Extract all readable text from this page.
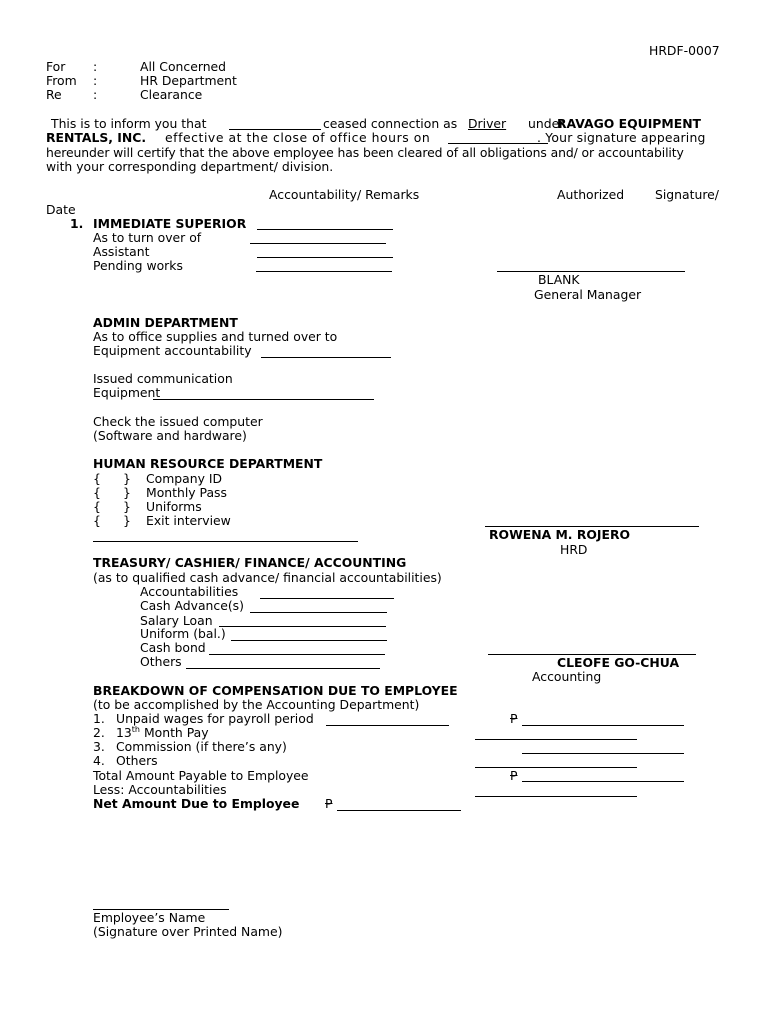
HRDF-0007
For :	All Concerned
From :	HR Department
Re	:	Clearance
This is to inform you that	ceased connection as Driver under
RAVAGO EQUIPMENT
RENTALS, INC. effective at the close of office hours on	. Your signature appearing
hereunder will certify that the above employee has been cleared of all obligations and/ or accountability
with your corresponding department/ division.
Accountability/ Remarks	Authorized Signature/
Date
1. IMMEDIATE SUPERIOR
As to turn over of
Assistant
Pending works
BLANK
General Manager
ADMIN DEPARTMENT
As to office supplies and turned over to
Equipment accountability
Issued communication
Equipment
Check the issued computer
(Software and hardware)
HUMAN RESOURCE DEPARTMENT
{ } Company ID
{ } Monthly Pass
{ } Uniforms
{ } Exit interview
ROWENA M. ROJERO
HRD
TREASURY/ CASHIER/ FINANCE/ ACCOUNTING
(as to qualified cash advance/ financial accountabilities)
Accountabilities
Cash Advance(s)
Salary Loan
Uniform (bal.)
Cash bond
Others	CLEOFE GO-CHUA
Accounting
BREAKDOWN OF COMPENSATION DUE TO EMPLOYEE
(to be accomplished by the Accounting Department)
1. Unpaid wages for payroll period	P
2. 13th Month Pay
3. Commission (if there’s any)
4. Others
Total Amount Payable to Employee	P
Less: Accountabilities
Net Amount Due to Employee P
Employee’s Name
(Signature over Printed Name)
